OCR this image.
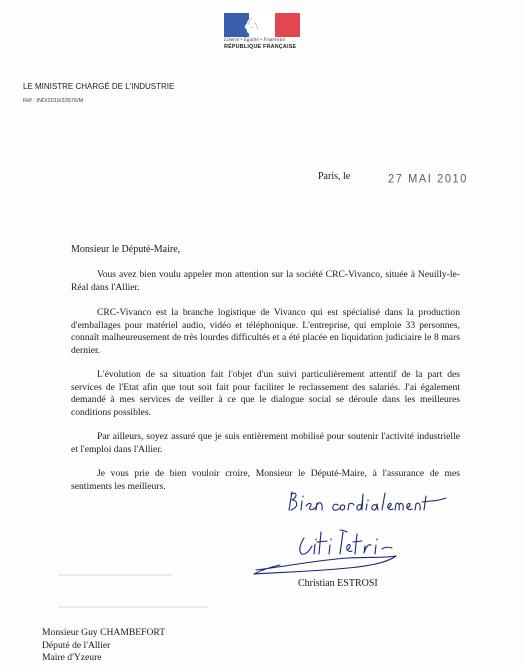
Liberté • Égalité • Fraternité
RÉPUBLIQUE FRANÇAISE
LE MINISTRE CHARGÉ DE L'INDUSTRIE
Réf : IND/2010/33576/M
Paris, le	27 MAI 2010
Monsieur le Député-Maire,
Vous avez bien voulu appeler mon attention sur la société CRC-Vivanco, située à Neuilly-le-Réal dans l'Allier.
CRC-Vivanco est la branche logistique de Vivanco qui est spécialisé dans la production d'emballages pour matériel audio, vidéo et téléphonique. L'entreprise, qui emploie 33 personnes, connaît malheureusement de très lourdes difficultés et a été placée en liquidation judiciaire le 8 mars dernier.
L'évolution de sa situation fait l'objet d'un suivi particulièrement attentif de la part des services de l'Etat afin que tout soit fait pour faciliter le reclassement des salariés. J'ai également demandé à mes services de veiller à ce que le dialogue social se déroule dans les meilleures conditions possibles.
Par ailleurs, soyez assuré que je suis entièrement mobilisé pour soutenir l'activité industrielle et l'emploi dans l'Allier.
Je vous prie de bien vouloir croire, Monsieur le Député-Maire, à l'assurance de mes sentiments les meilleurs.
Christian ESTROSI
▬▬▬▬▬▬▬▬▬▬▬▬▬▬▬▬▬▬▬
▬▬▬▬▬▬▬▬▬▬▬▬▬▬▬▬▬▬▬▬▬▬▬▬▬
Monsieur Guy CHAMBEFORT
Député de l'Allier
Maire d'Yzeure
